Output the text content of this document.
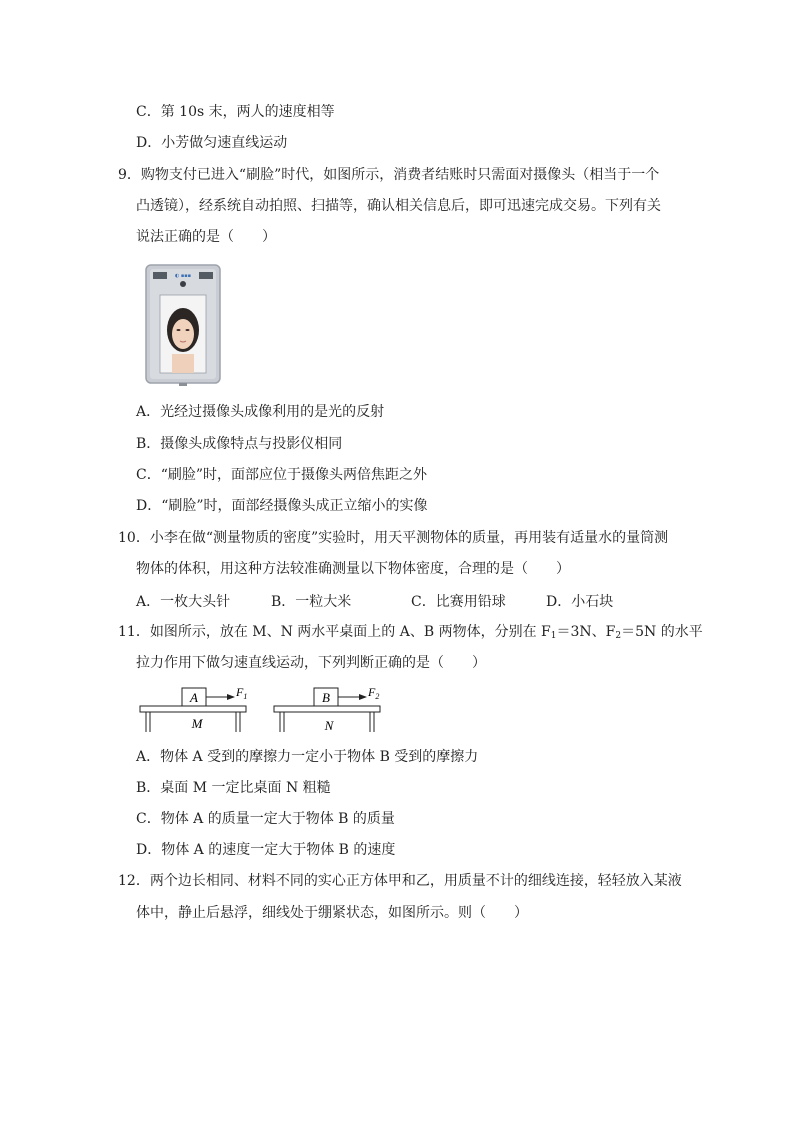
C．第 10s 末，两人的速度相等
D．小芳做匀速直线运动
9．购物支付已进入“刷脸”时代，如图所示，消费者结账时只需面对摄像头（相当于一个
凸透镜），经系统自动拍照、扫描等，确认相关信息后，即可迅速完成交易。下列有关
说法正确的是（　　）
◐ ▪▪▪
A．光经过摄像头成像利用的是光的反射
B．摄像头成像特点与投影仪相同
C．“刷脸”时，面部应位于摄像头两倍焦距之外
D．“刷脸”时，面部经摄像头成正立缩小的实像
10．小李在做“测量物质的密度”实验时，用天平测物体的质量，再用装有适量水的量筒测
物体的体积，用这种方法较准确测量以下物体密度，合理的是（　　）
A．一枚大头针	B．一粒大米	C．比赛用铅球	D．小石块
11．如图所示，放在 M、N 两水平桌面上的 A、B 两物体，分别在 $F_1=3N$、$F_2=5N$ 的水平
拉力作用下做匀速直线运动，下列判断正确的是（　　）
A	$F_1$
M
B	$F_2$
N
A．物体 A 受到的摩擦力一定小于物体 B 受到的摩擦力
B．桌面 M 一定比桌面 N 粗糙
C．物体 A 的质量一定大于物体 B 的质量
D．物体 A 的速度一定大于物体 B 的速度
12．两个边长相同、材料不同的实心正方体甲和乙，用质量不计的细线连接，轻轻放入某液
体中，静止后悬浮，细线处于绷紧状态，如图所示。则（　　）
